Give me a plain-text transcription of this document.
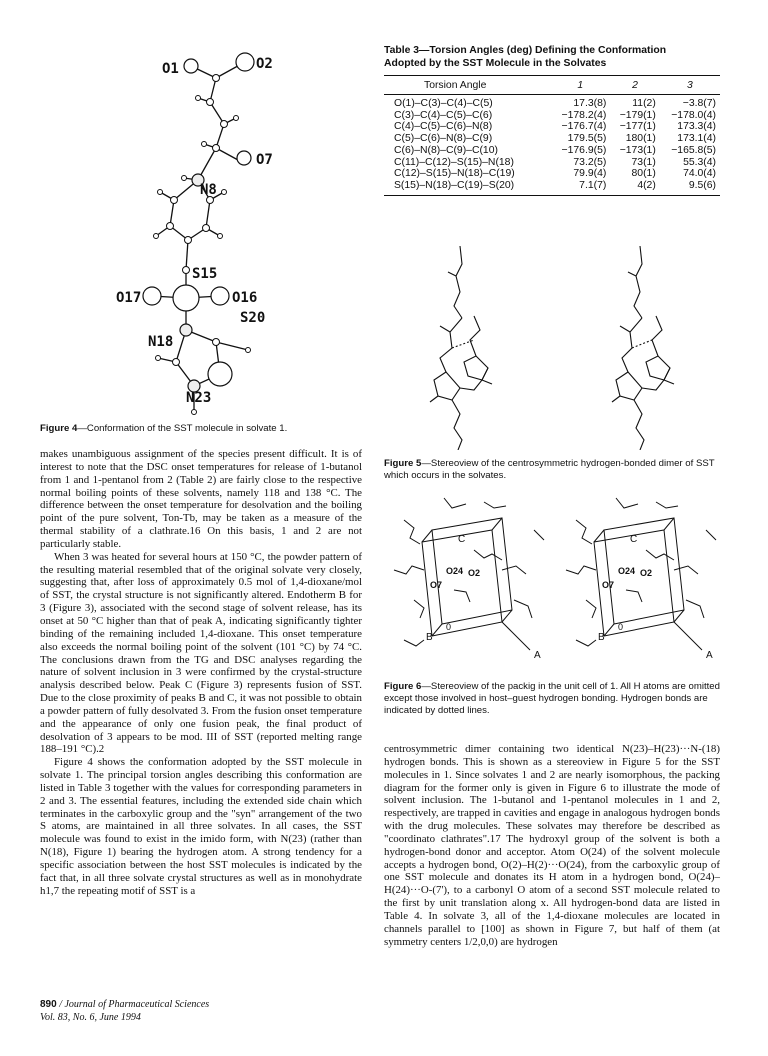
O1	O2
O7
N8
S15
O17	O16
S20
N18
N23
Figure 4—Conformation of the SST molecule in solvate 1.
Table 3—Torsion Angles (deg) Defining the Conformation
Adopted by the SST Molecule in the Solvates
Torsion Angle	1	2	3
O(1)–C(3)–C(4)–C(5)	17.3(8)	11(2)	−3.8(7)
C(3)–C(4)–C(5)–C(6)	−178.2(4)	−179(1)	−178.0(4)
C(4)–C(5)–C(6)–N(8)	−176.7(4)	−177(1)	173.3(4)
C(5)–C(6)–N(8)–C(9)	179.5(5)	180(1)	173.1(4)
C(6)–N(8)–C(9)–C(10)	−176.9(5)	−173(1)	−165.8(5)
C(11)–C(12)–S(15)–N(18)	73.2(5)	73(1)	55.3(4)
C(12)–S(15)–N(18)–C(19)	79.9(4)	80(1)	74.0(4)
S(15)–N(18)–C(19)–S(20)	7.1(7)	4(2)	9.5(6)
Figure 5—Stereoview of the centrosymmetric hydrogen-bonded dimer of SST which occurs in the solvates.
C
B
A
O24 O2
O7
0
C
B
A
O24 O2
O7
0
Figure 6—Stereoview of the packig in the unit cell of 1. All H atoms are omitted except those involved in host–guest hydrogen bonding. Hydrogen bonds are indicated by dotted lines.

makes unambiguous assignment of the species present difficult. It is of interest to note that the DSC onset temperatures for release of 1-butanol from 1 and 1-pentanol from 2 (Table 2) are fairly close to the respective normal boiling points of these solvents, namely 118 and 138 °C. The difference between the onset temperature for desolvation and the boiling point of the pure solvent, Ton-Tb, may be taken as a measure of the thermal stability of a clathrate.16 On this basis, 1 and 2 are not particularly stable.

When 3 was heated for several hours at 150 °C, the powder pattern of the resulting material resembled that of the original solvate very closely, suggesting that, after loss of approximately 0.5 mol of 1,4-dioxane/mol of SST, the crystal structure is not significantly altered. Endotherm B for 3 (Figure 3), associated with the second stage of solvent release, has its onset at 50 °C higher than that of peak A, indicating significantly tighter binding of the remaining included 1,4-dioxane. This onset temperature also exceeds the normal boiling point of the solvent (101 °C) by 74 °C. The conclusions drawn from the TG and DSC analyses regarding the nature of solvent inclusion in 3 were confirmed by the crystal-structure analysis described below. Peak C (Figure 3) represents fusion of SST. Due to the close proximity of peaks B and C, it was not possible to obtain a powder pattern of fully desolvated 3. From the fusion onset temperature and the appearance of only one fusion peak, the final product of desolvation of 3 appears to be mod. III of SST (reported melting range 188–191 °C).2

Figure 4 shows the conformation adopted by the SST molecule in solvate 1. The principal torsion angles describing this conformation are listed in Table 3 together with the values for corresponding parameters in 2 and 3. The essential features, including the extended side chain which terminates in the carboxylic group and the "syn" arrangement of the two S atoms, are maintained in all three solvates. In all cases, the SST molecule was found to exist in the imido form, with N(23) (rather than N(18), Figure 1) bearing the hydrogen atom. A strong tendency for a specific association between the host SST molecules is indicated by the fact that, in all three solvate crystal structures as well as in monohydrate h1,7 the repeating motif of SST is a

centrosymmetric dimer containing two identical N(23)–H(23)···N-(18) hydrogen bonds. This is shown as a stereoview in Figure 5 for the SST molecules in 1. Since solvates 1 and 2 are nearly isomorphous, the packing diagram for the former only is given in Figure 6 to illustrate the mode of solvent inclusion. The 1-butanol and 1-pentanol molecules in 1 and 2, respectively, are trapped in cavities and engage in analogous hydrogen bonds with the drug molecules. These solvates may therefore be described as "coordinato clathrates".17 The hydroxyl group of the solvent is both a hydrogen-bond donor and acceptor. Atom O(24) of the solvent molecule accepts a hydrogen bond, O(2)–H(2)···O(24), from the carboxylic group of one SST molecule and donates its H atom in a hydrogen bond, O(24)–H(24)···O-(7'), to a carbonyl O atom of a second SST molecule related to the first by unit translation along x. All hydrogen-bond data are listed in Table 4. In solvate 3, all of the 1,4-dioxane molecules are located in channels parallel to [100] as shown in Figure 7, but half of them (at symmetry centers 1/2,0,0) are hydrogen

890 / Journal of Pharmaceutical Sciences
Vol. 83, No. 6, June 1994
